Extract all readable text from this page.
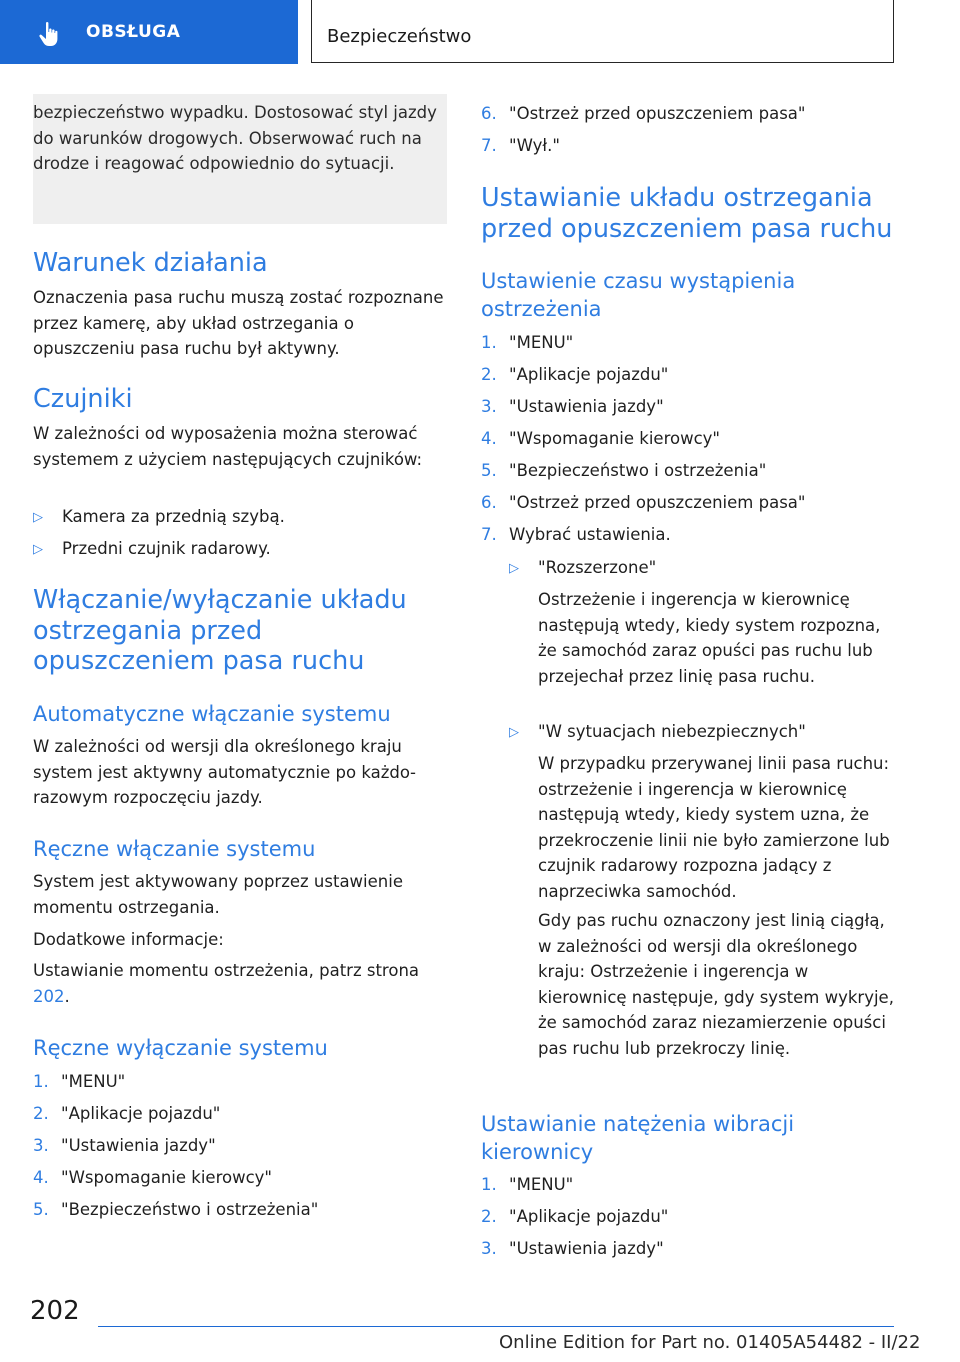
OBSŁUGA	Bezpieczeństwo

bezpieczeństwo wypadku. Dostosować styl jazdy do warunków drogowych. Obserwować ruch na drodze i reagować odpowiednio do sytuacji.

Warunek działania

Oznaczenia pasa ruchu muszą zostać rozpoznane przez kamerę, aby układ ostrzegania o opuszczeniu pasa ruchu był aktywny.

Czujniki

W zależności od wyposażenia można sterować systemem z użyciem następujących czujników:

▷	Kamera za przednią szybą.
▷	Przedni czujnik radarowy.
Włączanie/wyłączanie układu ostrzegania przed opuszczeniem pasa ruchu
Automatyczne włączanie systemu

W zależności od wersji dla określonego kraju system jest aktywny automatycznie po każdorazowym rozpoczęciu jazdy.

Ręczne włączanie systemu

System jest aktywowany poprzez ustawienie momentu ostrzegania.

Dodatkowe informacje:

Ustawianie momentu ostrzeżenia, patrz strona 202.

Ręczne wyłączanie systemu
1. "MENU"
2. "Aplikacje pojazdu"
3. "Ustawienia jazdy"
4. "Wspomaganie kierowcy"
5. "Bezpieczeństwo i ostrzeżenia"
6. "Ostrzeż przed opuszczeniem pasa"
7. "Wył."
Ustawianie układu ostrzegania przed opuszczeniem pasa ruchu
Ustawienie czasu wystąpienia ostrzeżenia
1. "MENU"
2. "Aplikacje pojazdu"
3. "Ustawienia jazdy"
4. "Wspomaganie kierowcy"
5. "Bezpieczeństwo i ostrzeżenia"
6. "Ostrzeż przed opuszczeniem pasa"
7. Wybrać ustawienia.
▷	"Rozszerzone"

Ostrzeżenie i ingerencja w kierownicę następują wtedy, kiedy system rozpozna, że samochód zaraz opuści pas ruchu lub przejechał przez linię pasa ruchu.

▷	"W sytuacjach niebezpiecznych"

W przypadku przerywanej linii pasa ruchu: ostrzeżenie i ingerencja w kierownicę następują wtedy, kiedy system uzna, że przekroczenie linii nie było zamierzone lub czujnik radarowy rozpozna jadący z naprzeciwka samochód.

Gdy pas ruchu oznaczony jest linią ciągłą, w zależności od wersji dla określonego kraju: Ostrzeżenie i ingerencja w kierownicę następuje, gdy system wykryje, że samochód zaraz niezamierzenie opuści pas ruchu lub przekroczy linię.

Ustawianie natężenia wibracji kierownicy
1. "MENU"
2. "Aplikacje pojazdu"
3. "Ustawienia jazdy"
202
Online Edition for Part no. 01405A54482 - II/22
